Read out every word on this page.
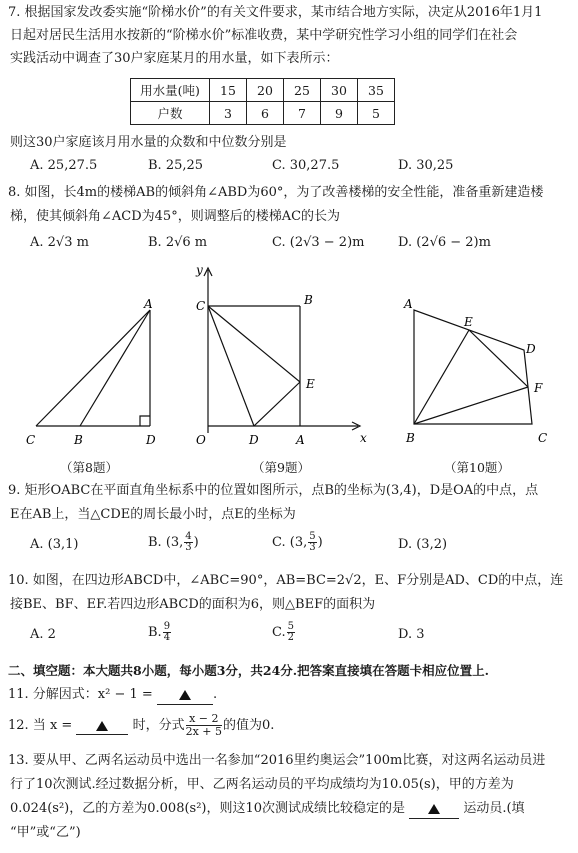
7. 根据国家发改委实施“阶梯水价”的有关文件要求，某市结合地方实际，决定从2016年1月1
日起对居民生活用水按新的“阶梯水价”标准收费，某中学研究性学习小组的同学们在社会
实践活动中调查了30户家庭某月的用水量，如下表所示：
用水量(吨)	15	20	25	30	35
户数	3	6	7	9	5
则这30户家庭该月用水量的众数和中位数分别是
A. 25,27.5	B. 25,25	C. 30,27.5	D. 30,25
8. 如图，长4m的楼梯AB的倾斜角∠ABD为60°，为了改善楼梯的安全性能，准备重新建造楼
梯，使其倾斜角∠ACD为45°，则调整后的楼梯AC的长为
A. 2√3 m	B. 2√6 m	C. (2√3 − 2)m	D. (2√6 − 2)m
A
B
C	D
y
x
O
C	B
E
D	A
A
E
D
F
B	C
（第8题）	（第9题）	（第10题）
9. 矩形OABC在平面直角坐标系中的位置如图所示，点B的坐标为(3,4)，D是OA的中点，点
E在AB上，当△CDE的周长最小时，点E的坐标为
A. (3,1)	B. (3, $\frac{4}{3}$ )	C. (3, $\frac{5}{3}$ )	D. (3,2)
10. 如图，在四边形ABCD中，∠ABC=90°，AB=BC=2√2，E、F分别是AD、CD的中点，连
接BE、BF、EF.若四边形ABCD的面积为6，则△BEF的面积为
A. 2	B. $\frac{9}{4}$	C. $\frac{5}{2}$	D. 3
二、填空题：本大题共8小题，每小题3分，共24分.把答案直接填在答题卡相应位置上.
11. 分解因式：x² − 1 =	.
12. 当 x =	时，分式 $\frac{x - 2}{2x + 5}$ 的值为0.
13. 要从甲、乙两名运动员中选出一名参加“2016里约奥运会”100m比赛，对这两名运动员进
行了10次测试.经过数据分析，甲、乙两名运动员的平均成绩均为10.05(s)，甲的方差为
0.024(s²)，乙的方差为0.008(s²)，则这10次测试成绩比较稳定的是	运动员.(填
“甲”或“乙”)
